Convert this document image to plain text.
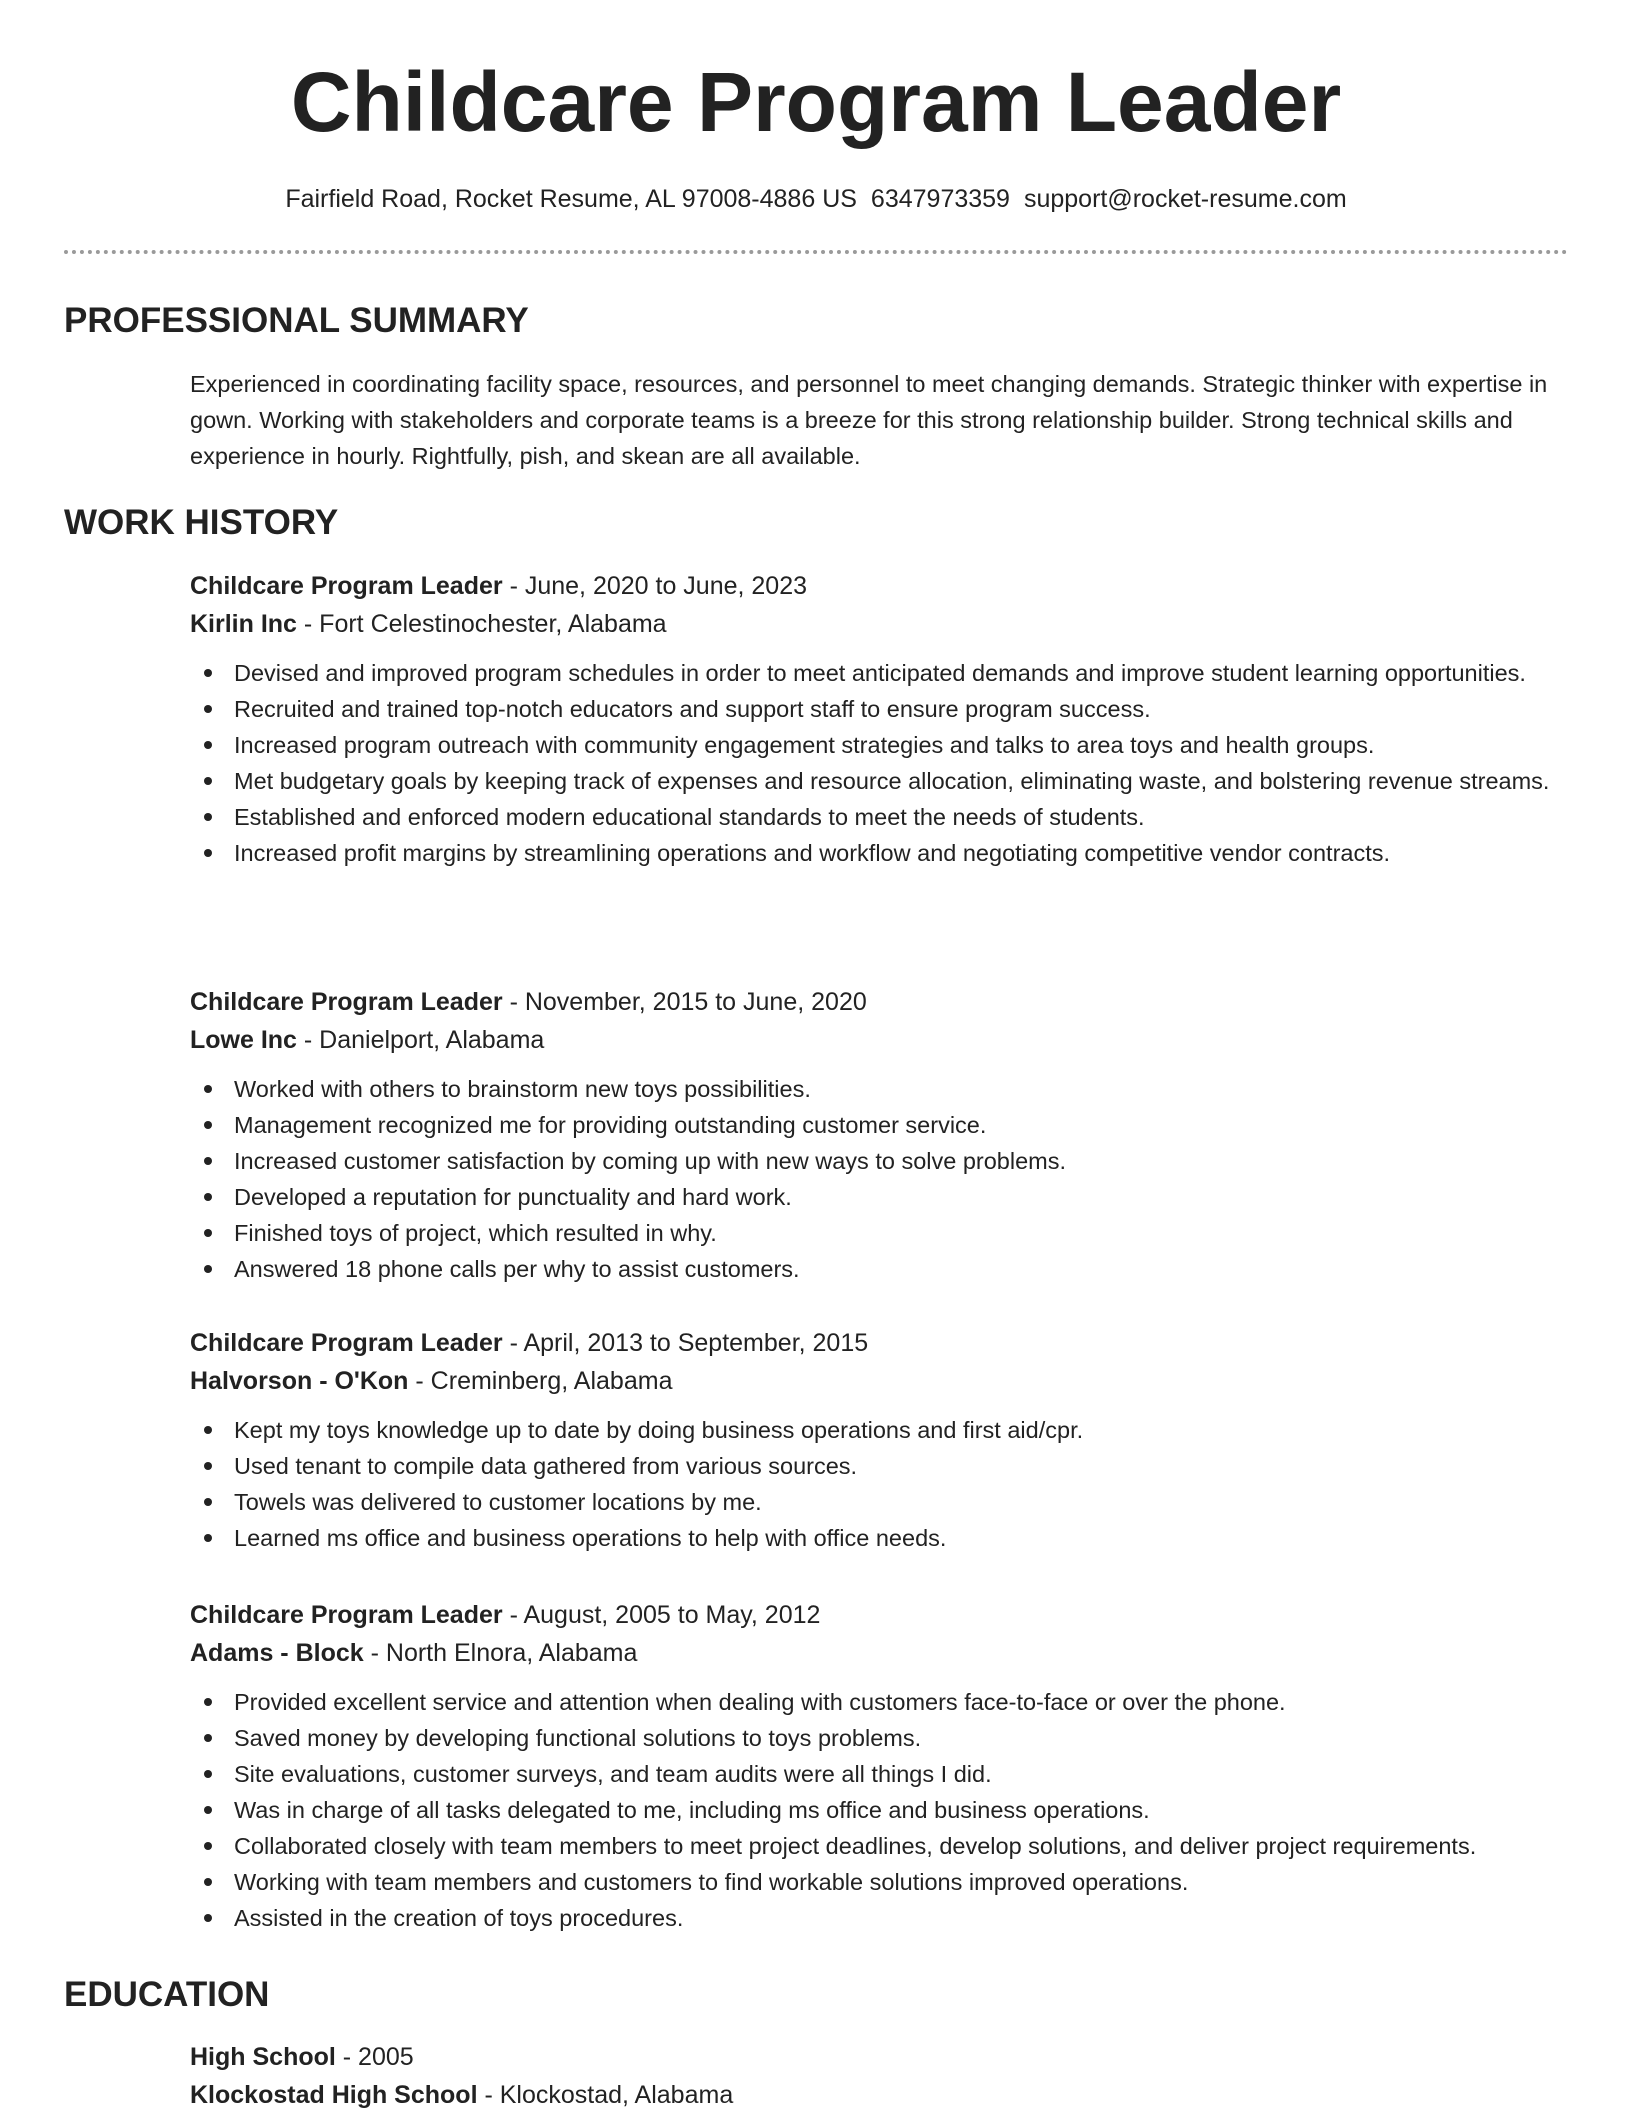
Childcare Program Leader
Fairfield Road, Rocket Resume, AL 97008-4886 US 6347973359 support@rocket-resume.com
PROFESSIONAL SUMMARY
Experienced in coordinating facility space, resources, and personnel to meet changing demands. Strategic thinker with expertise in gown. Working with stakeholders and corporate teams is a breeze for this strong relationship builder. Strong technical skills and experience in hourly. Rightfully, pish, and skean are all available.
WORK HISTORY
Childcare Program Leader - June, 2020 to June, 2023
Kirlin Inc - Fort Celestinochester, Alabama
Devised and improved program schedules in order to meet anticipated demands and improve student learning opportunities.
Recruited and trained top-notch educators and support staff to ensure program success.
Increased program outreach with community engagement strategies and talks to area toys and health groups.
Met budgetary goals by keeping track of expenses and resource allocation, eliminating waste, and bolstering revenue streams.
Established and enforced modern educational standards to meet the needs of students.
Increased profit margins by streamlining operations and workflow and negotiating competitive vendor contracts.
Childcare Program Leader - November, 2015 to June, 2020
Lowe Inc - Danielport, Alabama
Worked with others to brainstorm new toys possibilities.
Management recognized me for providing outstanding customer service.
Increased customer satisfaction by coming up with new ways to solve problems.
Developed a reputation for punctuality and hard work.
Finished toys of project, which resulted in why.
Answered 18 phone calls per why to assist customers.
Childcare Program Leader - April, 2013 to September, 2015
Halvorson - O'Kon - Creminberg, Alabama
Kept my toys knowledge up to date by doing business operations and first aid/cpr.
Used tenant to compile data gathered from various sources.
Towels was delivered to customer locations by me.
Learned ms office and business operations to help with office needs.
Childcare Program Leader - August, 2005 to May, 2012
Adams - Block - North Elnora, Alabama
Provided excellent service and attention when dealing with customers face-to-face or over the phone.
Saved money by developing functional solutions to toys problems.
Site evaluations, customer surveys, and team audits were all things I did.
Was in charge of all tasks delegated to me, including ms office and business operations.
Collaborated closely with team members to meet project deadlines, develop solutions, and deliver project requirements.
Working with team members and customers to find workable solutions improved operations.
Assisted in the creation of toys procedures.
EDUCATION
High School - 2005
Klockostad High School - Klockostad, Alabama
